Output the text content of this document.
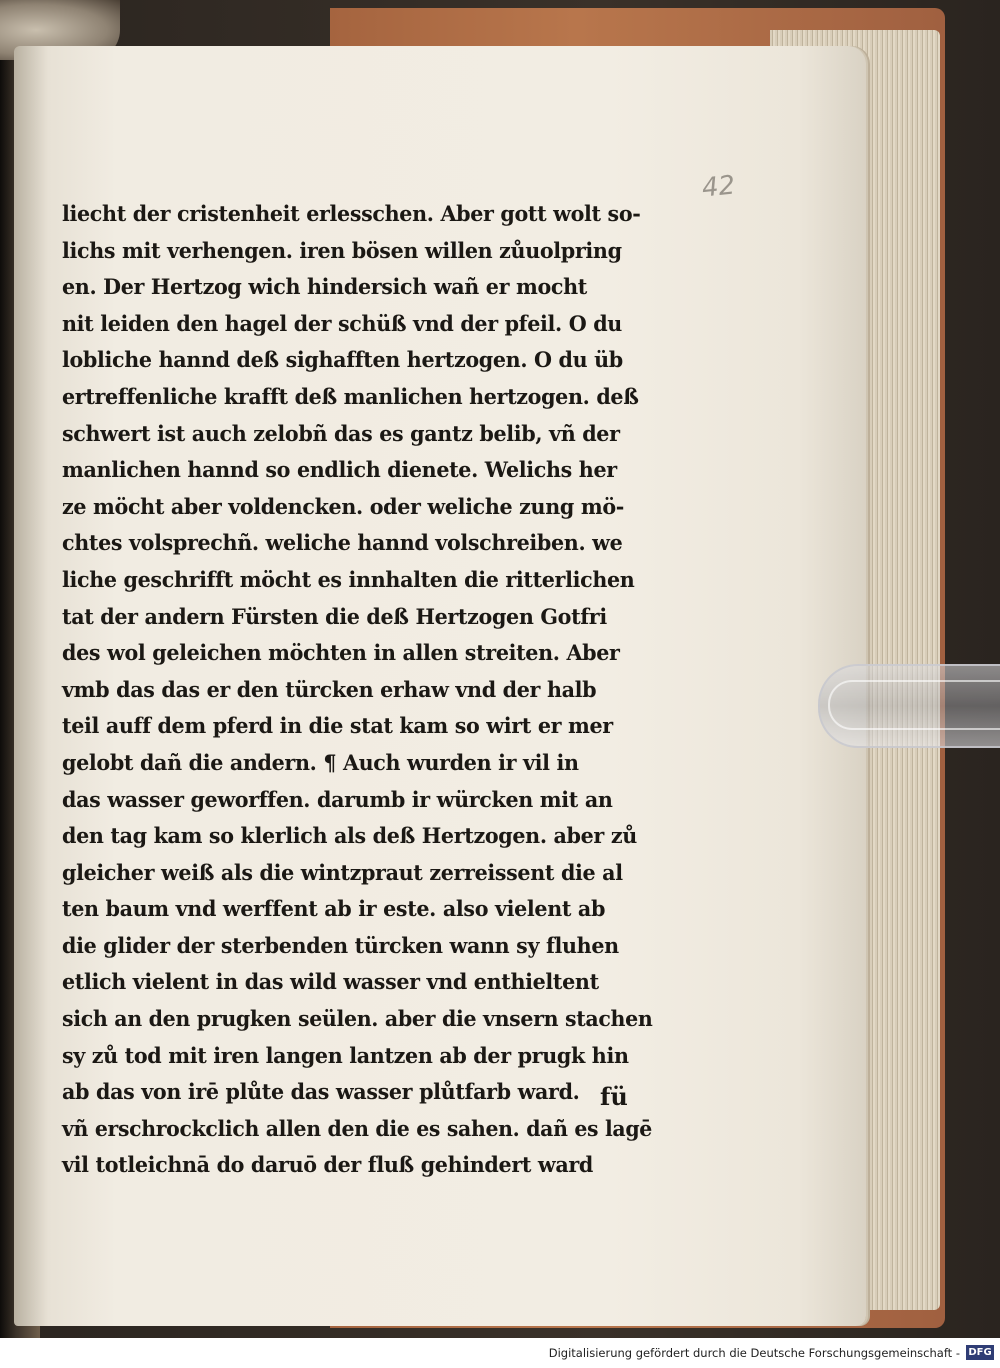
42
liecht der cristenheit erlesschen. Aber gott wolt so-
lichs mit verhengen. iren bösen willen zůuolpring
en. Der Hertzog wich hindersich wañ er mocht
nit leiden den hagel der schüß vnd der pfeil. O du
lobliche hannd deß sighafften hertzogen. O du üb
ertreffenliche krafft deß manlichen hertzogen. deß
schwert ist auch zelobñ das es gantz belib, vñ der
manlichen hannd so endlich dienete. Welichs her
ze möcht aber voldencken. oder weliche zung mö-
chtes volsprechñ. weliche hannd volschreiben. we
liche geschrifft möcht es innhalten die ritterlichen
tat der andern Fürsten die deß Hertzogen Gotfri
des wol geleichen möchten in allen streiten. Aber
vmb das das er den türcken erhaw vnd der halb
teil auff dem pferd in die stat kam so wirt er mer
gelobt dañ die andern. ¶ Auch wurden ir vil in
das wasser geworffen. darumb ir würcken mit an
den tag kam so klerlich als deß Hertzogen. aber zů
gleicher weiß als die wintzpraut zerreissent die al
ten baum vnd werffent ab ir este. also vielent ab
die glider der sterbenden türcken wann sy fluhen
etlich vielent in das wild wasser vnd enthieltent
sich an den prugken seülen. aber die vnsern stachen
sy zů tod mit iren langen lantzen ab der prugk hin
ab das von irē plůte das wasser plůtfarb ward.
vñ erschrockclich allen den die es sahen. dañ es lagē
vil totleichnā do daruō der fluß gehindert ward
fü
Digitalisierung gefördert durch die Deutsche Forschungsgemeinschaft - DFG
